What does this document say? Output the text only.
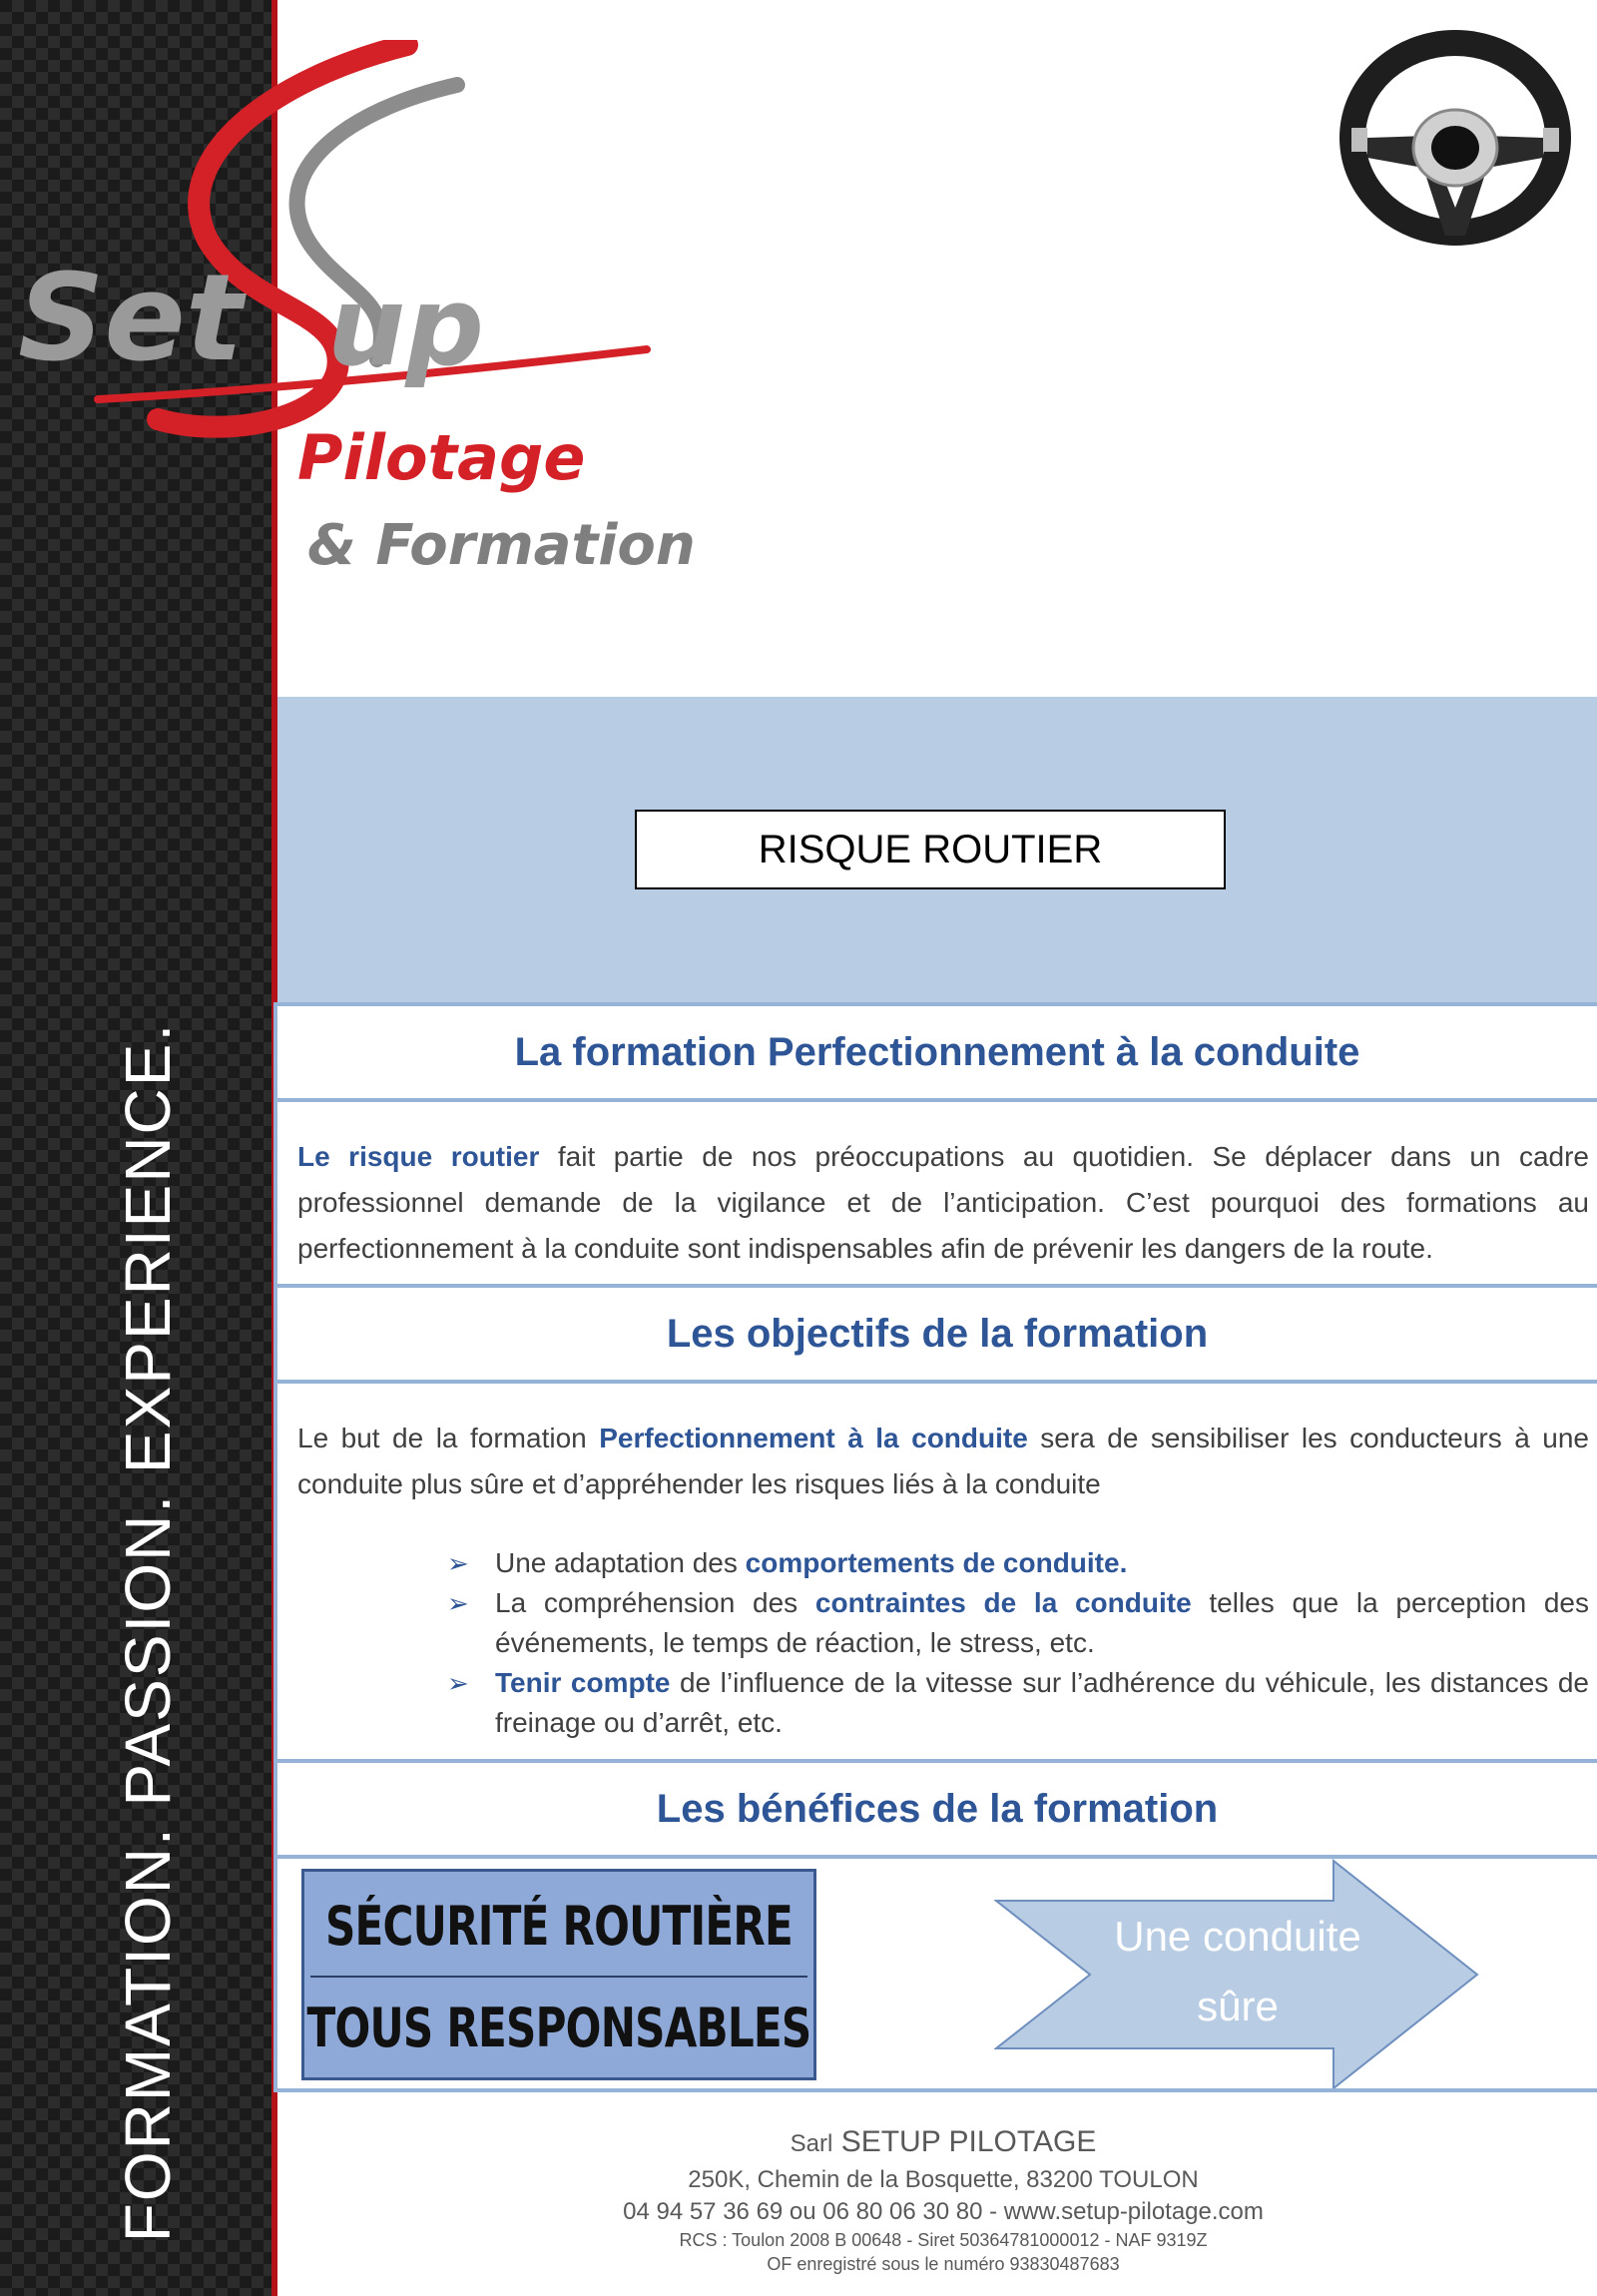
FORMATION. PASSION. EXPERIENCE.
Set up
Pilotage
& Formation
RISQUE ROUTIER
La formation Perfectionnement à la conduite
Le risque routier fait partie de nos préoccupations au quotidien. Se déplacer dans un cadre professionnel demande de la vigilance et de l’anticipation. C’est pourquoi des formations au perfectionnement à la conduite sont indispensables afin de prévenir les dangers de la route.
Les objectifs de la formation
Le but de la formation Perfectionnement à la conduite sera de sensibiliser les conducteurs à une conduite plus sûre et d’appréhender les risques liés à la conduite
➢ Une adaptation des comportements de conduite.
➢ La compréhension des contraintes de la conduite telles que la perception des événements, le temps de réaction, le stress, etc.
➢ Tenir compte de l’influence de la vitesse sur l’adhérence du véhicule, les distances de freinage ou d’arrêt, etc.
Les bénéfices de la formation
SÉCURITÉ ROUTIÈRE
TOUS RESPONSABLES
Une conduite
sûre
Sarl SETUP PILOTAGE
250K, Chemin de la Bosquette, 83200 TOULON
04 94 57 36 69 ou 06 80 06 30 80 - www.setup-pilotage.com
RCS : Toulon 2008 B 00648 - Siret 50364781000012 - NAF 9319Z
OF enregistré sous le numéro 93830487683
